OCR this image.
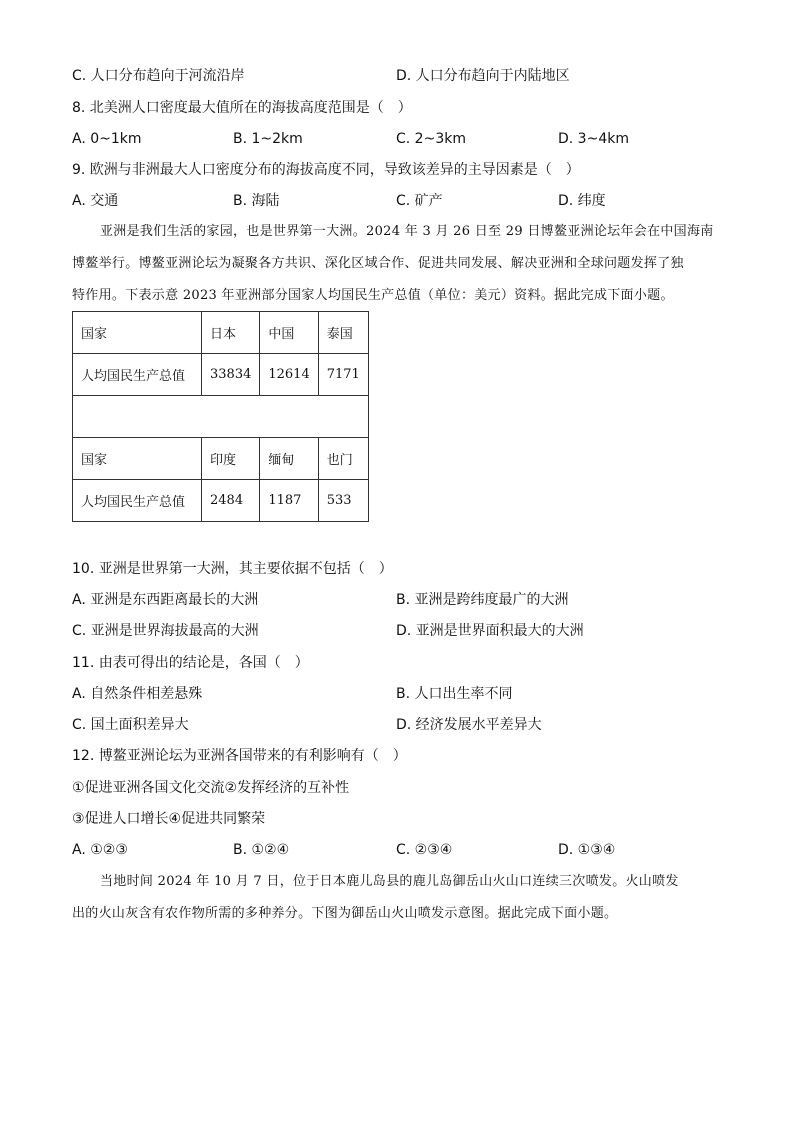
C. 人口分布趋向于河流沿岸	D. 人口分布趋向于内陆地区
8. 北美洲人口密度最大值所在的海拔高度范围是（　）
A. 0~1km	B. 1~2km	C. 2~3km	D. 3~4km
9. 欧洲与非洲最大人口密度分布的海拔高度不同，导致该差异的主导因素是（　）
A. 交通	B. 海陆	C. 矿产	D. 纬度

亚洲是我们生活的家园，也是世界第一大洲。2024 年 3 月 26 日至 29 日博鳌亚洲论坛年会在中国海南

博鳌举行。博鳌亚洲论坛为凝聚各方共识、深化区域合作、促进共同发展、解决亚洲和全球问题发挥了独

特作用。下表示意 2023 年亚洲部分国家人均国民生产总值（单位：美元）资料。据此完成下面小题。

国家	日本	中国	泰国
人均国民生产总值	33834	12614	7171

国家	印度	缅甸	也门
人均国民生产总值	2484	1187	533
10. 亚洲是世界第一大洲，其主要依据不包括（　）
A. 亚洲是东西距离最长的大洲	B. 亚洲是跨纬度最广的大洲
C. 亚洲是世界海拔最高的大洲	D. 亚洲是世界面积最大的大洲
11. 由表可得出的结论是，各国（　）
A. 自然条件相差悬殊	B. 人口出生率不同
C. 国土面积差异大	D. 经济发展水平差异大
12. 博鳌亚洲论坛为亚洲各国带来的有利影响有（　）
①促进亚洲各国文化交流②发挥经济的互补性
③促进人口增长④促进共同繁荣
A. ①②③	B. ①②④	C. ②③④	D. ①③④

当地时间 2024 年 10 月 7 日，位于日本鹿儿岛县的鹿儿岛御岳山火山口连续三次喷发。火山喷发

出的火山灰含有农作物所需的多种养分。下图为御岳山火山喷发示意图。据此完成下面小题。
